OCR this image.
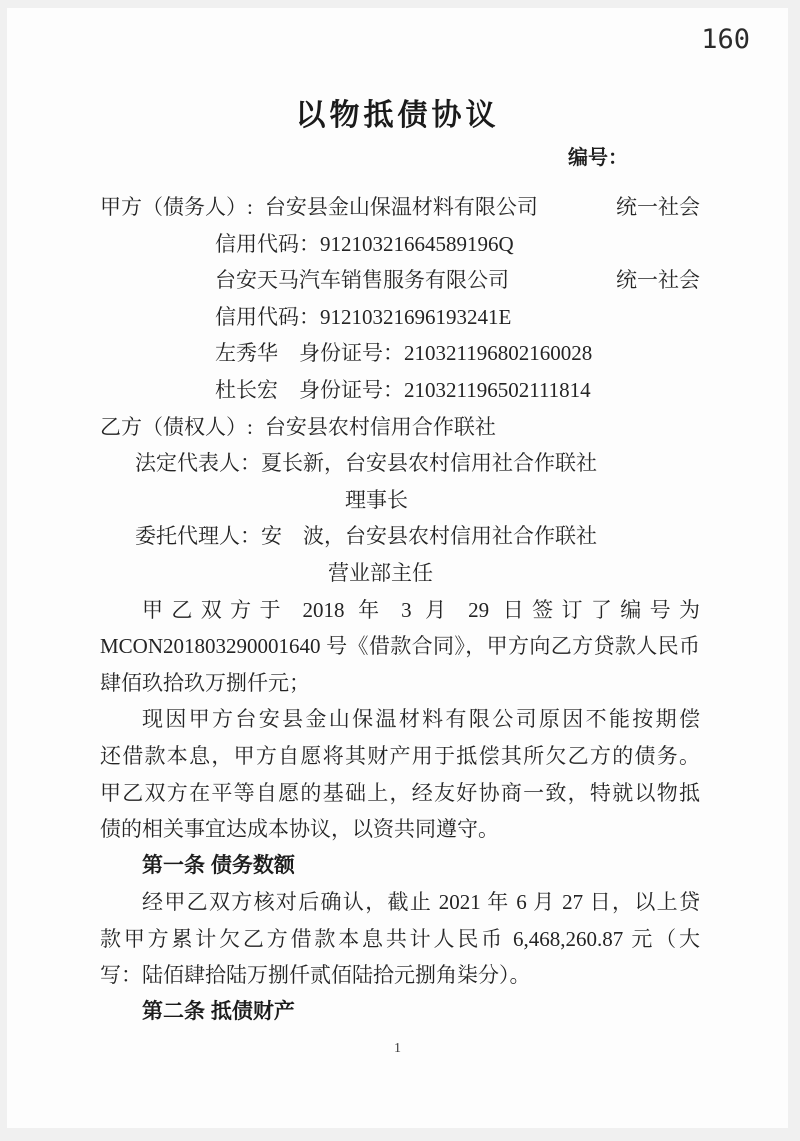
160
以物抵债协议
编号：
甲方（债务人）: 台安县金山保温材料有限公司	统一社会
信用代码：91210321664589196Q
台安天马汽车销售服务有限公司	统一社会
信用代码：91210321696193241E
左秀华　身份证号：210321196802160028
杜长宏　身份证号：210321196502111814
乙方（债权人）: 台安县农村信用合作联社
法定代表人：夏长新，台安县农村信用社合作联社
理事长
委托代理人：安　波，台安县农村信用社合作联社
营业部主任
甲乙双方于 2018 年 3 月 29 日签订了编号为
MCON201803290001640 号《借款合同》，甲方向乙方贷款人民币
肆佰玖拾玖万捌仟元；
现因甲方台安县金山保温材料有限公司原因不能按期偿
还借款本息，甲方自愿将其财产用于抵偿其所欠乙方的债务。
甲乙双方在平等自愿的基础上，经友好协商一致，特就以物抵
债的相关事宜达成本协议，以资共同遵守。
第一条 债务数额
经甲乙双方核对后确认，截止 2021 年 6 月 27 日，以上贷
款甲方累计欠乙方借款本息共计人民币 6,468,260.87 元（大
写：陆佰肆拾陆万捌仟贰佰陆拾元捌角柒分）。
第二条 抵债财产
1
